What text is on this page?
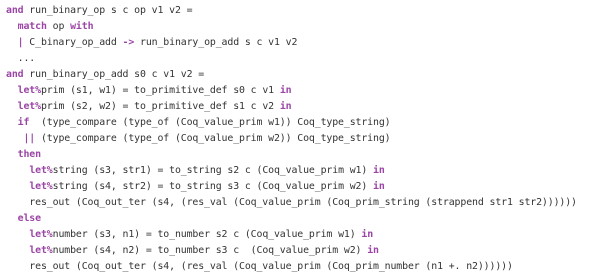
and run_binary_op s c op v1 v2 =
match op with
| C_binary_op_add -> run_binary_op_add s c v1 v2
...
and run_binary_op_add s0 c v1 v2 =
let%prim (s1, w1) = to_primitive_def s0 c v1 in
let%prim (s2, w2) = to_primitive_def s1 c v2 in
if  (type_compare (type_of (Coq_value_prim w1)) Coq_type_string)
|| (type_compare (type_of (Coq_value_prim w2)) Coq_type_string)
then
let%string (s3, str1) = to_string s2 c (Coq_value_prim w1) in
let%string (s4, str2) = to_string s3 c (Coq_value_prim w2) in
res_out (Coq_out_ter (s4, (res_val (Coq_value_prim (Coq_prim_string (strappend str1 str2))))))
else
let%number (s3, n1) = to_number s2 c (Coq_value_prim w1) in
let%number (s4, n2) = to_number s3 c  (Coq_value_prim w2) in
res_out (Coq_out_ter (s4, (res_val (Coq_value_prim (Coq_prim_number (n1 +. n2))))))
